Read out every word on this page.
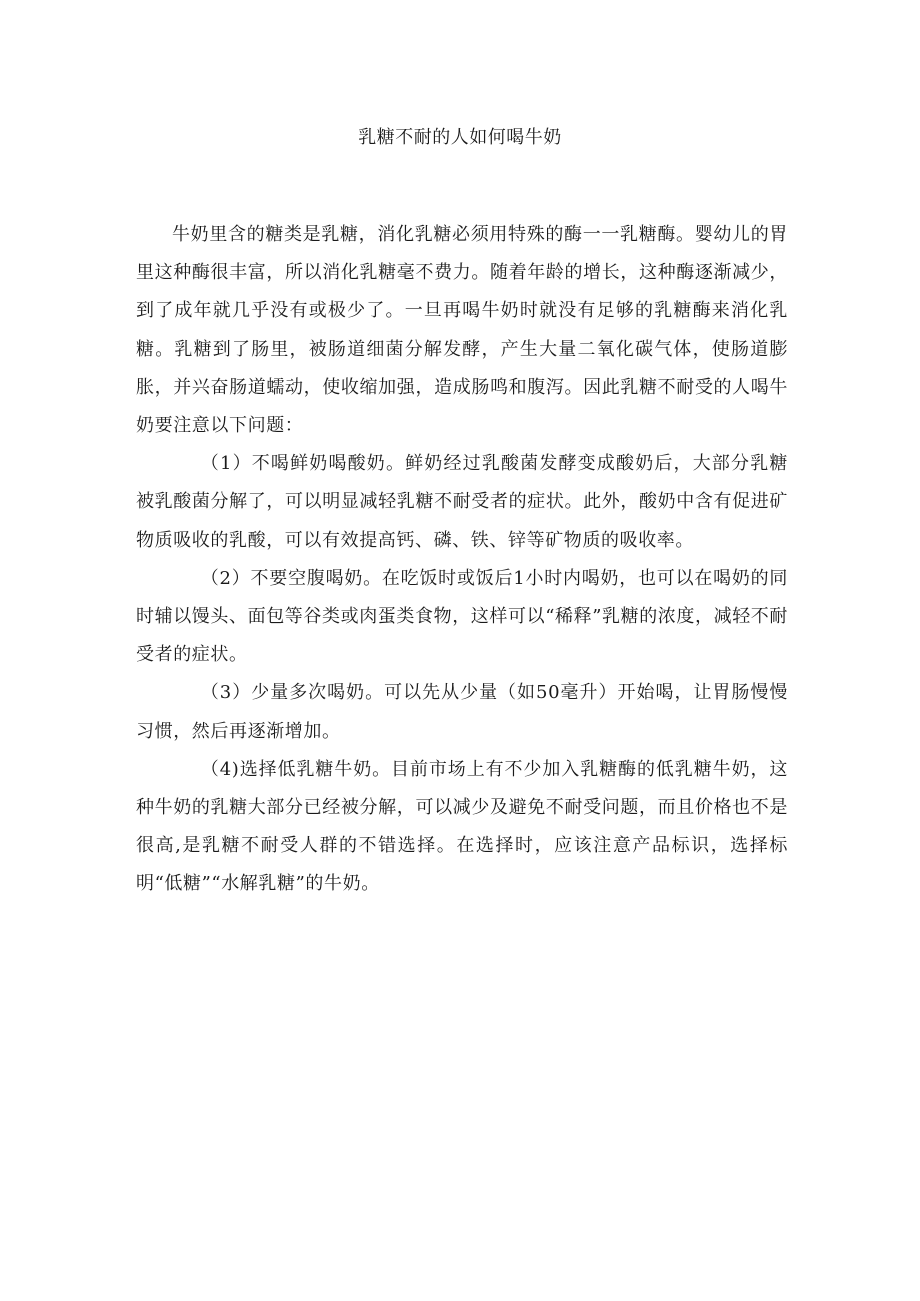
乳糖不耐的人如何喝牛奶

牛奶里含的糖类是乳糖，消化乳糖必须用特殊的酶一一乳糖酶。婴幼儿的胃里这种酶很丰富，所以消化乳糖毫不费力。随着年龄的增长，这种酶逐渐减少，到了成年就几乎没有或极少了。一旦再喝牛奶时就没有足够的乳糖酶来消化乳糖。乳糖到了肠里，被肠道细菌分解发酵，产生大量二氧化碳气体，使肠道膨胀，并兴奋肠道蠕动，使收缩加强，造成肠鸣和腹泻。因此乳糖不耐受的人喝牛奶要注意以下问题：

（1）不喝鲜奶喝酸奶。鲜奶经过乳酸菌发酵变成酸奶后，大部分乳糖被乳酸菌分解了，可以明显减轻乳糖不耐受者的症状。此外，酸奶中含有促进矿物质吸收的乳酸，可以有效提高钙、磷、铁、锌等矿物质的吸收率。

（2）不要空腹喝奶。在吃饭时或饭后1小时内喝奶，也可以在喝奶的同时辅以馒头、面包等谷类或肉蛋类食物，这样可以“稀释”乳糖的浓度，减轻不耐受者的症状。

（3）少量多次喝奶。可以先从少量（如50毫升）开始喝，让胃肠慢慢习惯，然后再逐渐增加。

（4)选择低乳糖牛奶。目前市场上有不少加入乳糖酶的低乳糖牛奶，这种牛奶的乳糖大部分已经被分解，可以减少及避免不耐受问题，而且价格也不是很高,是乳糖不耐受人群的不错选择。在选择时，应该注意产品标识，选择标明“低糖”“水解乳糖”的牛奶。
